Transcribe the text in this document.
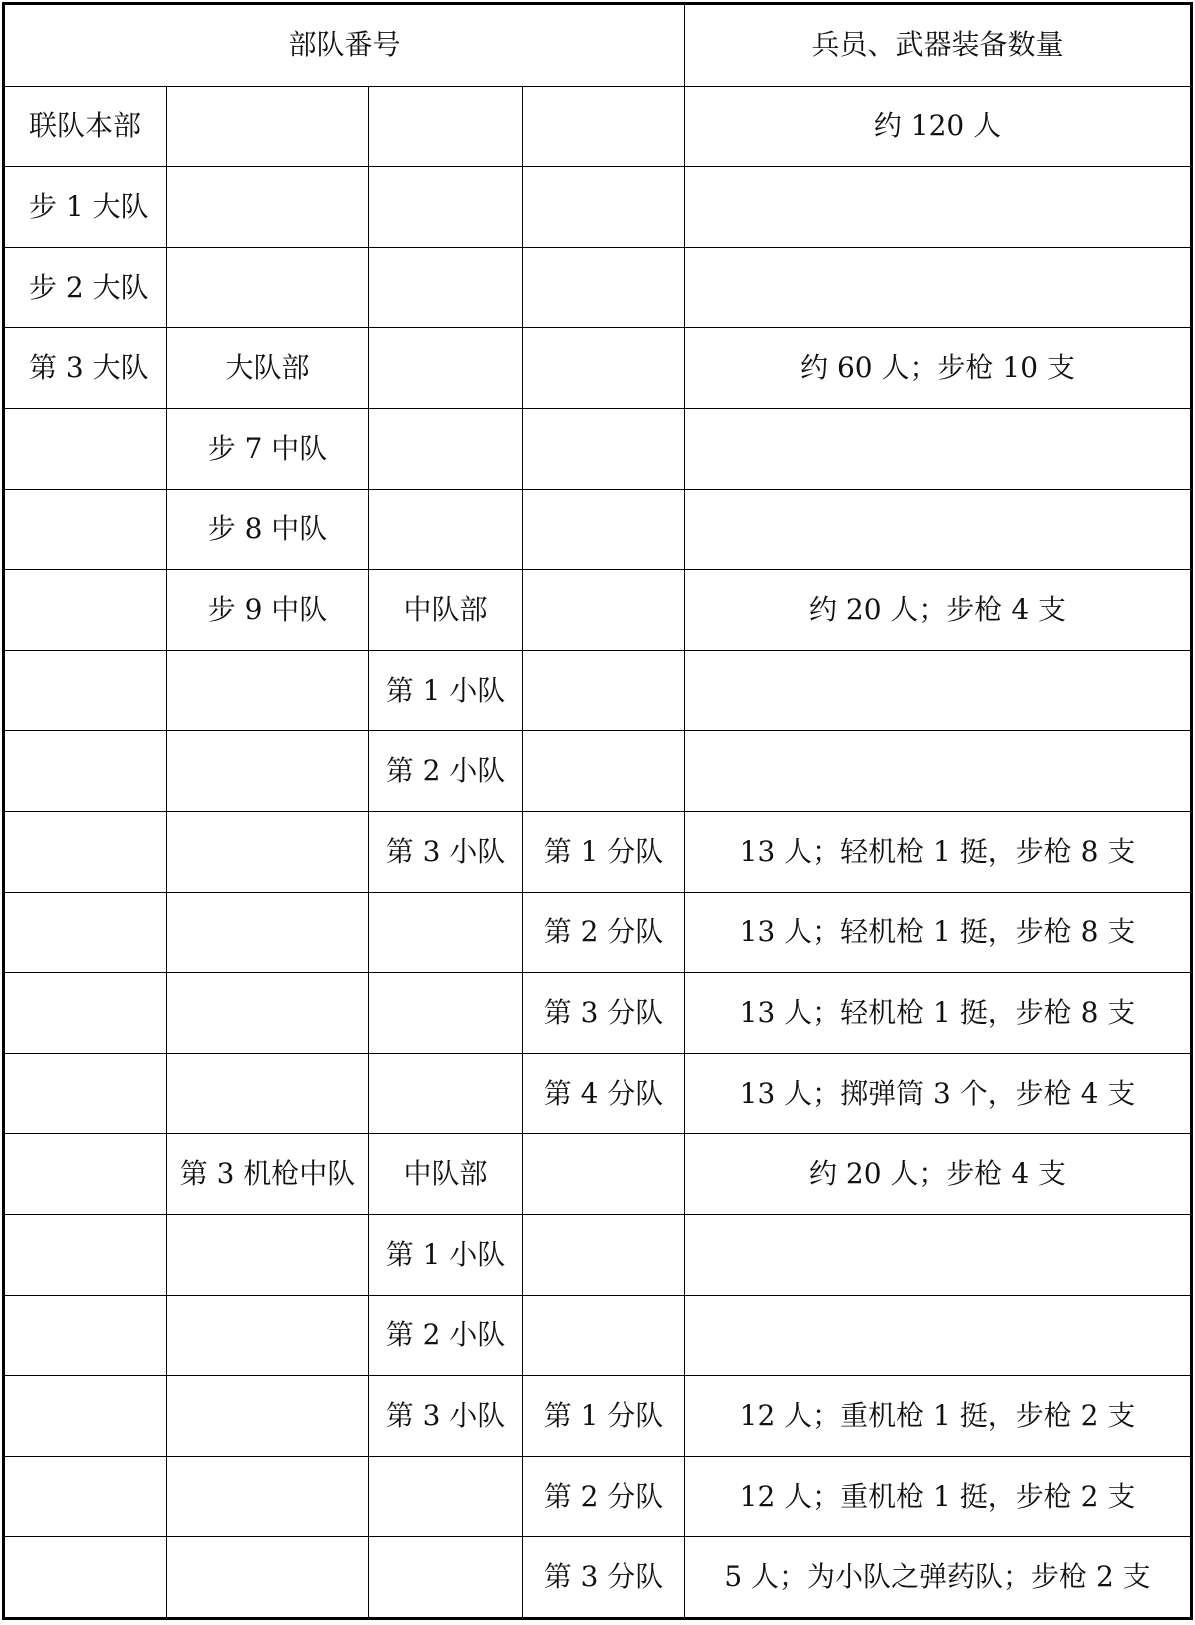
部队番号				兵员、武器装备数量
联队本部				约 120 人
步 1 大队				
步 2 大队				
第 3 大队	大队部			约 60 人；步枪 10 支
	步 7 中队			
	步 8 中队			
	步 9 中队	中队部		约 20 人；步枪 4 支
		第 1 小队		
		第 2 小队		
		第 3 小队	第 1 分队	13 人；轻机枪 1 挺，步枪 8 支
			第 2 分队	13 人；轻机枪 1 挺，步枪 8 支
			第 3 分队	13 人；轻机枪 1 挺，步枪 8 支
			第 4 分队	13 人；掷弹筒 3 个，步枪 4 支
	第 3 机枪中队	中队部		约 20 人；步枪 4 支
		第 1 小队		
		第 2 小队		
		第 3 小队	第 1 分队	12 人；重机枪 1 挺，步枪 2 支
			第 2 分队	12 人；重机枪 1 挺，步枪 2 支
			第 3 分队	5 人；为小队之弹药队；步枪 2 支
